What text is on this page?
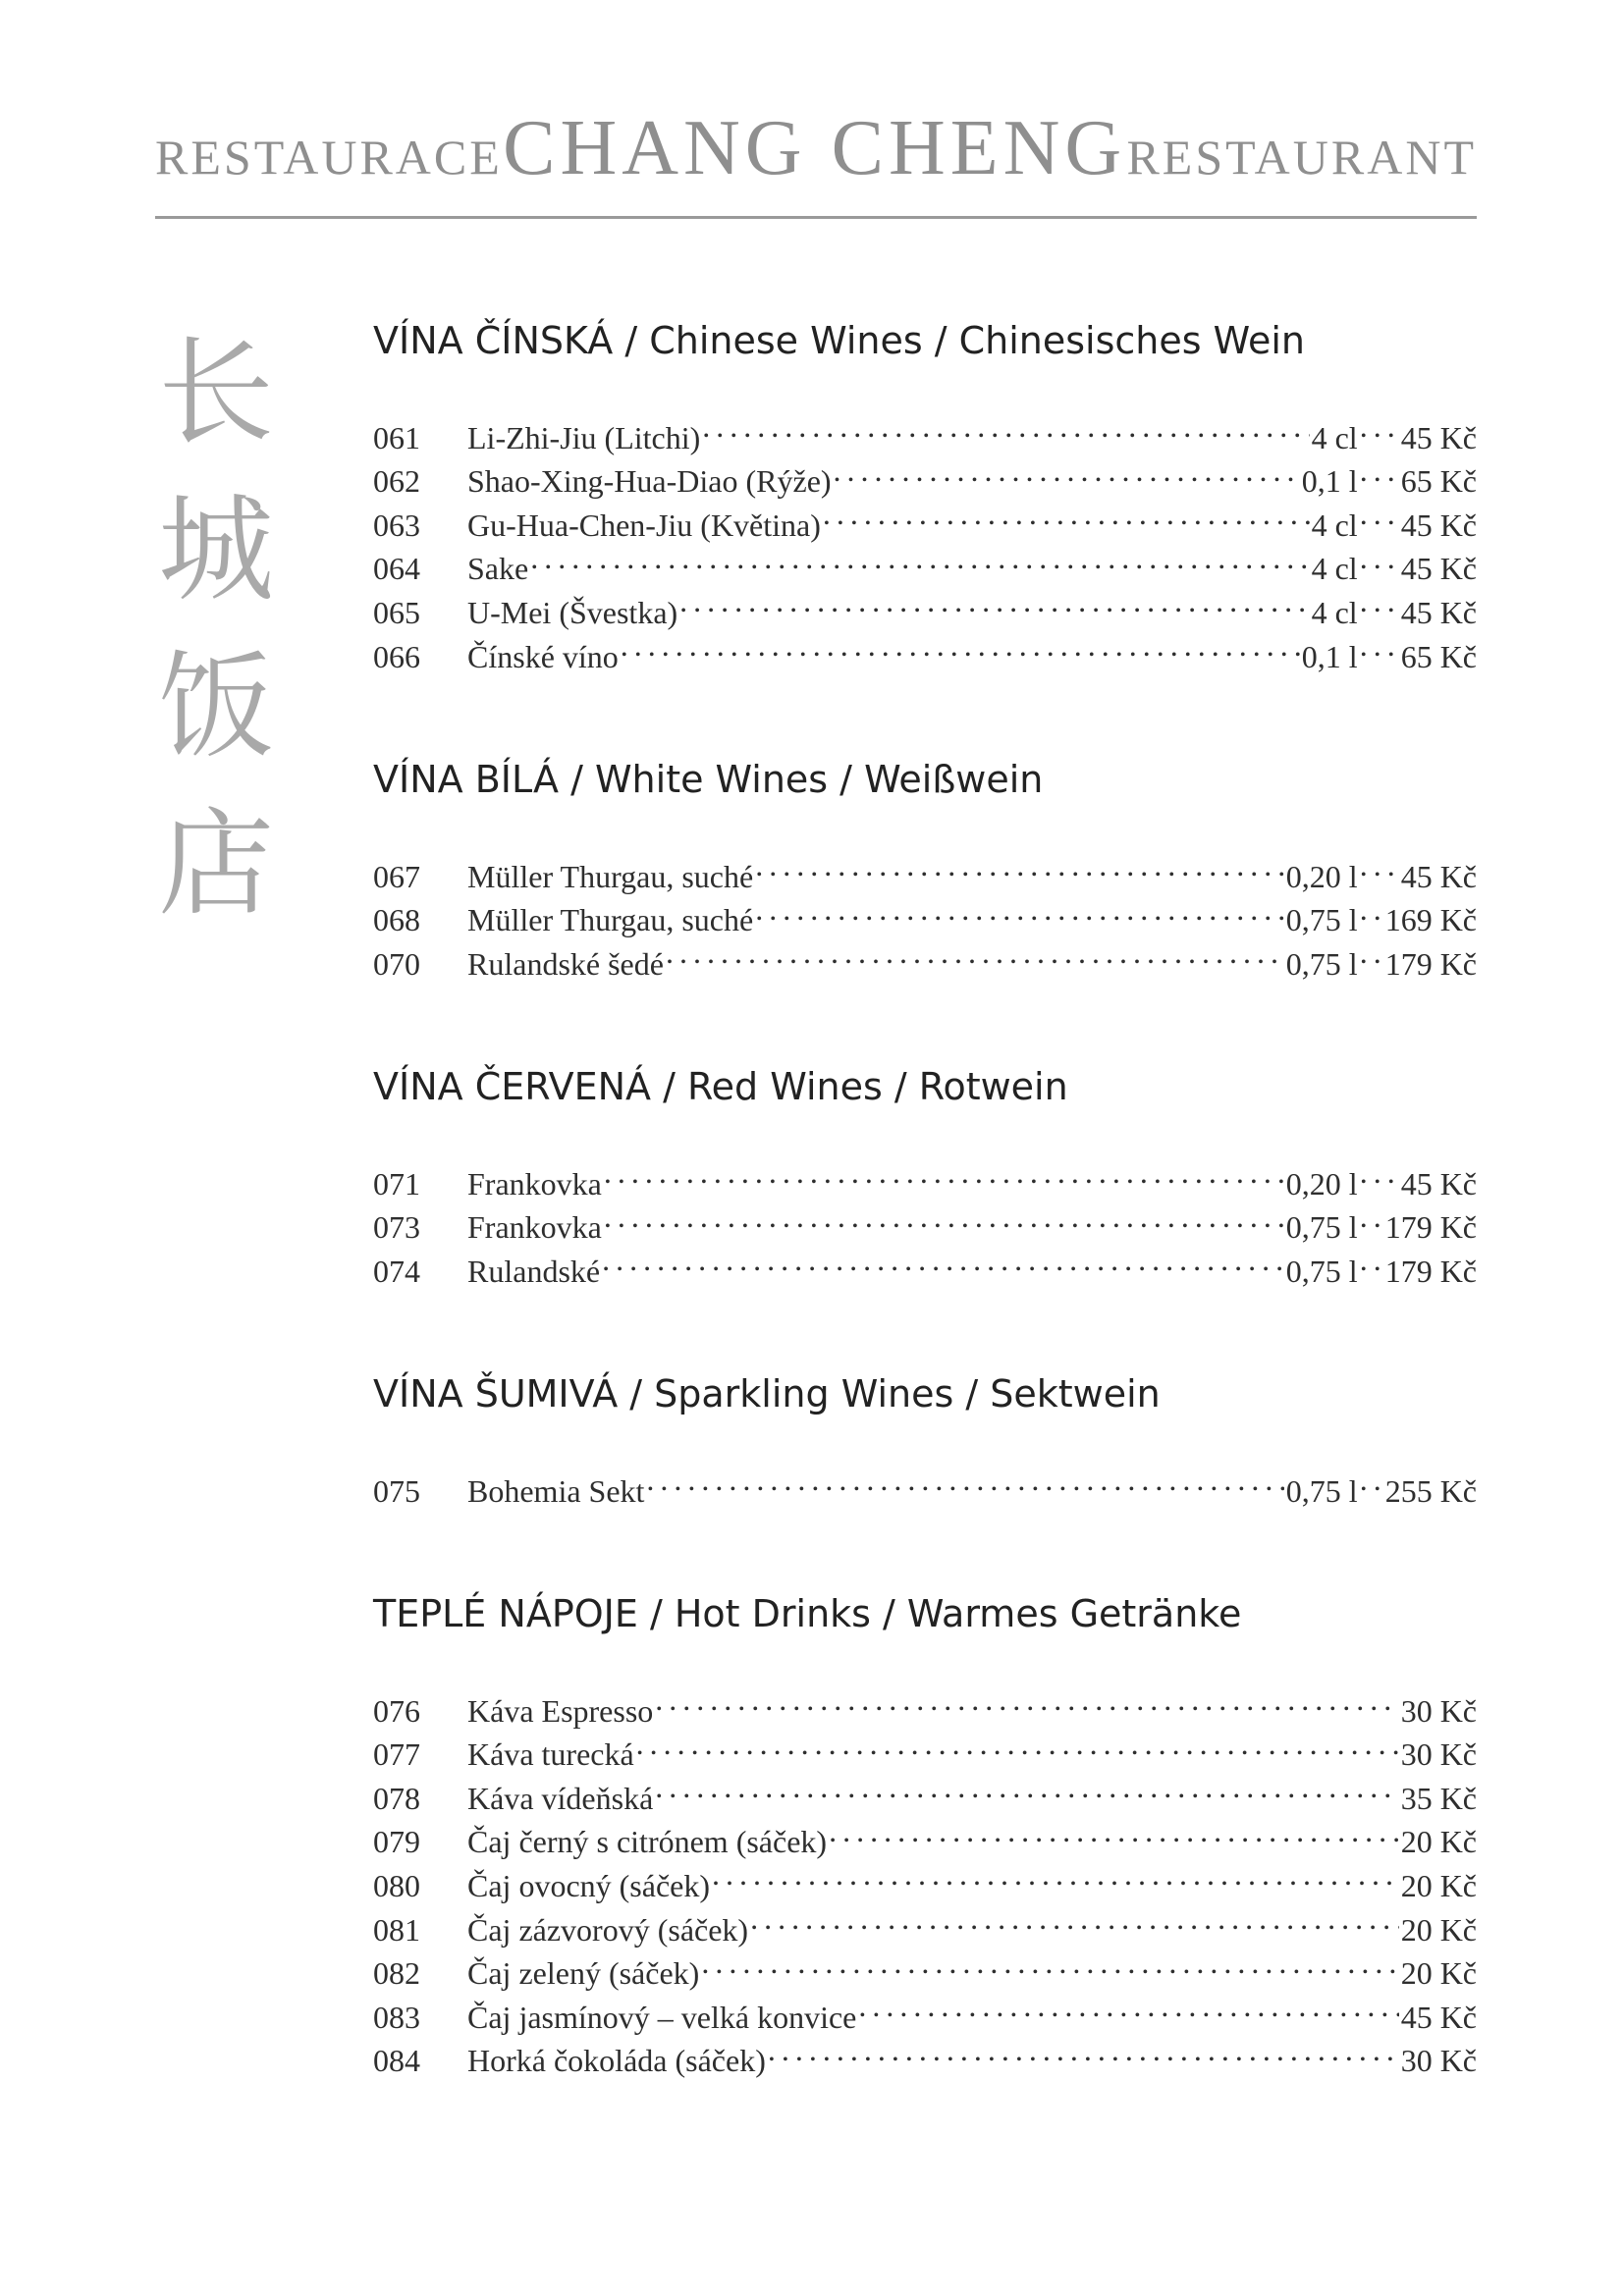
RESTAURACE CHANG CHENG RESTAURANT
长
城
饭
店
VÍNA ČÍNSKÁ / Chinese Wines / Chinesisches Wein
061	Li-Zhi-Jiu (Litchi) . . .	4 cl . . . 45 Kč
062	Shao-Xing-Hua-Diao (Rýže) . . .	0,1 l . . . 65 Kč
063	Gu-Hua-Chen-Jiu (Květina) . . .	4 cl . . . 45 Kč
064	Sake . . .	4 cl . . . 45 Kč
065	U-Mei (Švestka) . . .	4 cl . . . 45 Kč
066	Čínské víno . . .	0,1 l . . . 65 Kč
VÍNA BÍLÁ / White Wines / Weißwein
067	Müller Thurgau, suché . . .	0,20 l . . . 45 Kč
068	Müller Thurgau, suché . . .	0,75 l . . . 169 Kč
070	Rulandské šedé . . .	0,75 l . . . 179 Kč
VÍNA ČERVENÁ / Red Wines / Rotwein
071	Frankovka . . .	0,20 l . . . 45 Kč
073	Frankovka . . .	0,75 l . . . 179 Kč
074	Rulandské . . .	0,75 l . . . 179 Kč
VÍNA ŠUMIVÁ / Sparkling Wines / Sektwein
075	Bohemia Sekt . . .	0,75 l . . . 255 Kč
TEPLÉ NÁPOJE / Hot Drinks / Warmes Getränke
076	Káva Espresso . . .	30 Kč
077	Káva turecká . . .	30 Kč
078	Káva vídeňská . . .	35 Kč
079	Čaj černý s citrónem (sáček) . . .	20 Kč
080	Čaj ovocný (sáček) . . .	20 Kč
081	Čaj zázvorový (sáček) . . .	20 Kč
082	Čaj zelený (sáček) . . .	20 Kč
083	Čaj jasmínový – velká konvice . . .	45 Kč
084	Horká čokoláda (sáček) . . .	30 Kč
